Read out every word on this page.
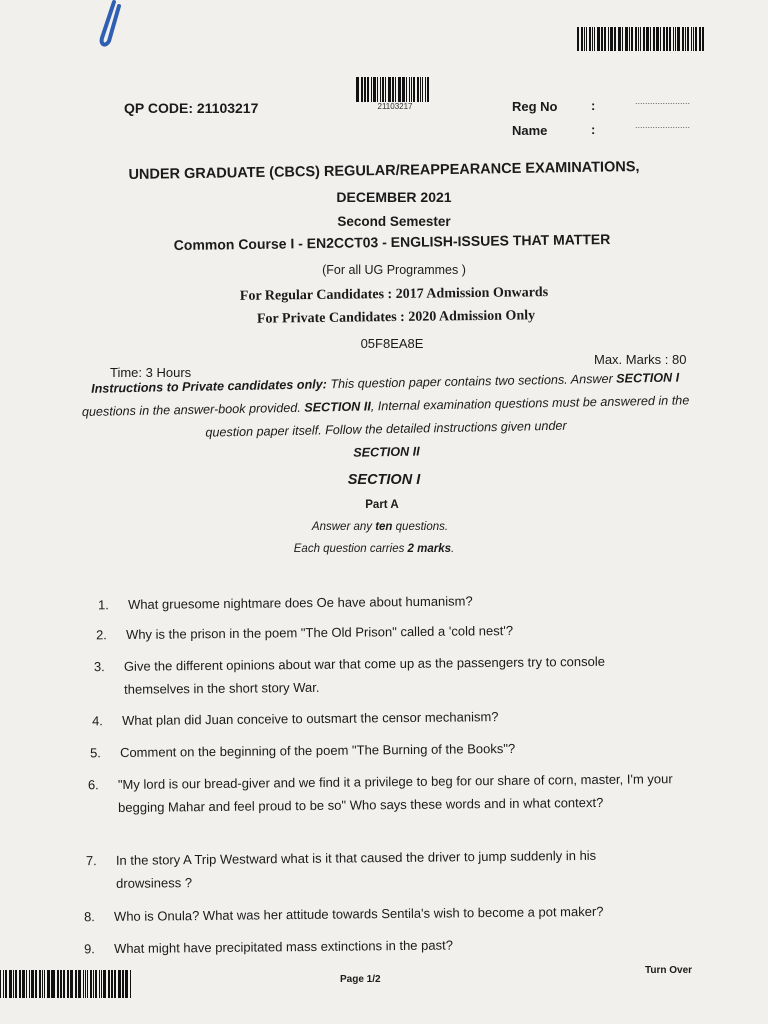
21103217
QP CODE: 21103217	Reg No	:	......................
Name	:	......................
UNDER GRADUATE (CBCS) REGULAR/REAPPEARANCE EXAMINATIONS,
DECEMBER 2021
Second Semester
Common Course I - EN2CCT03 - ENGLISH-ISSUES THAT MATTER
(For all UG Programmes )
For Regular Candidates : 2017 Admission Onwards
For Private Candidates : 2020 Admission Only
05F8EA8E
Time: 3 Hours
Max. Marks : 80
Instructions to Private candidates only: This question paper contains two sections. Answer SECTION I questions in the answer-book provided. SECTION II, Internal examination questions must be answered in the question paper itself. Follow the detailed instructions given under
SECTION II
SECTION I
Part A
Answer any ten questions.
Each question carries 2 marks.
1. What gruesome nightmare does Oe have about humanism?
2. Why is the prison in the poem "The Old Prison" called a 'cold nest'?
3. Give the different opinions about war that come up as the passengers try to console themselves in the short story War.
4. What plan did Juan conceive to outsmart the censor mechanism?
5. Comment on the beginning of the poem "The Burning of the Books"?
6. "My lord is our bread-giver and we find it a privilege to beg for our share of corn, master, I'm your begging Mahar and feel proud to be so" Who says these words and in what context?
7. In the story A Trip Westward what is it that caused the driver to jump suddenly in his drowsiness ?
8. Who is Onula? What was her attitude towards Sentila's wish to become a pot maker?
9. What might have precipitated mass extinctions in the past?
Page 1/2
Turn Over
